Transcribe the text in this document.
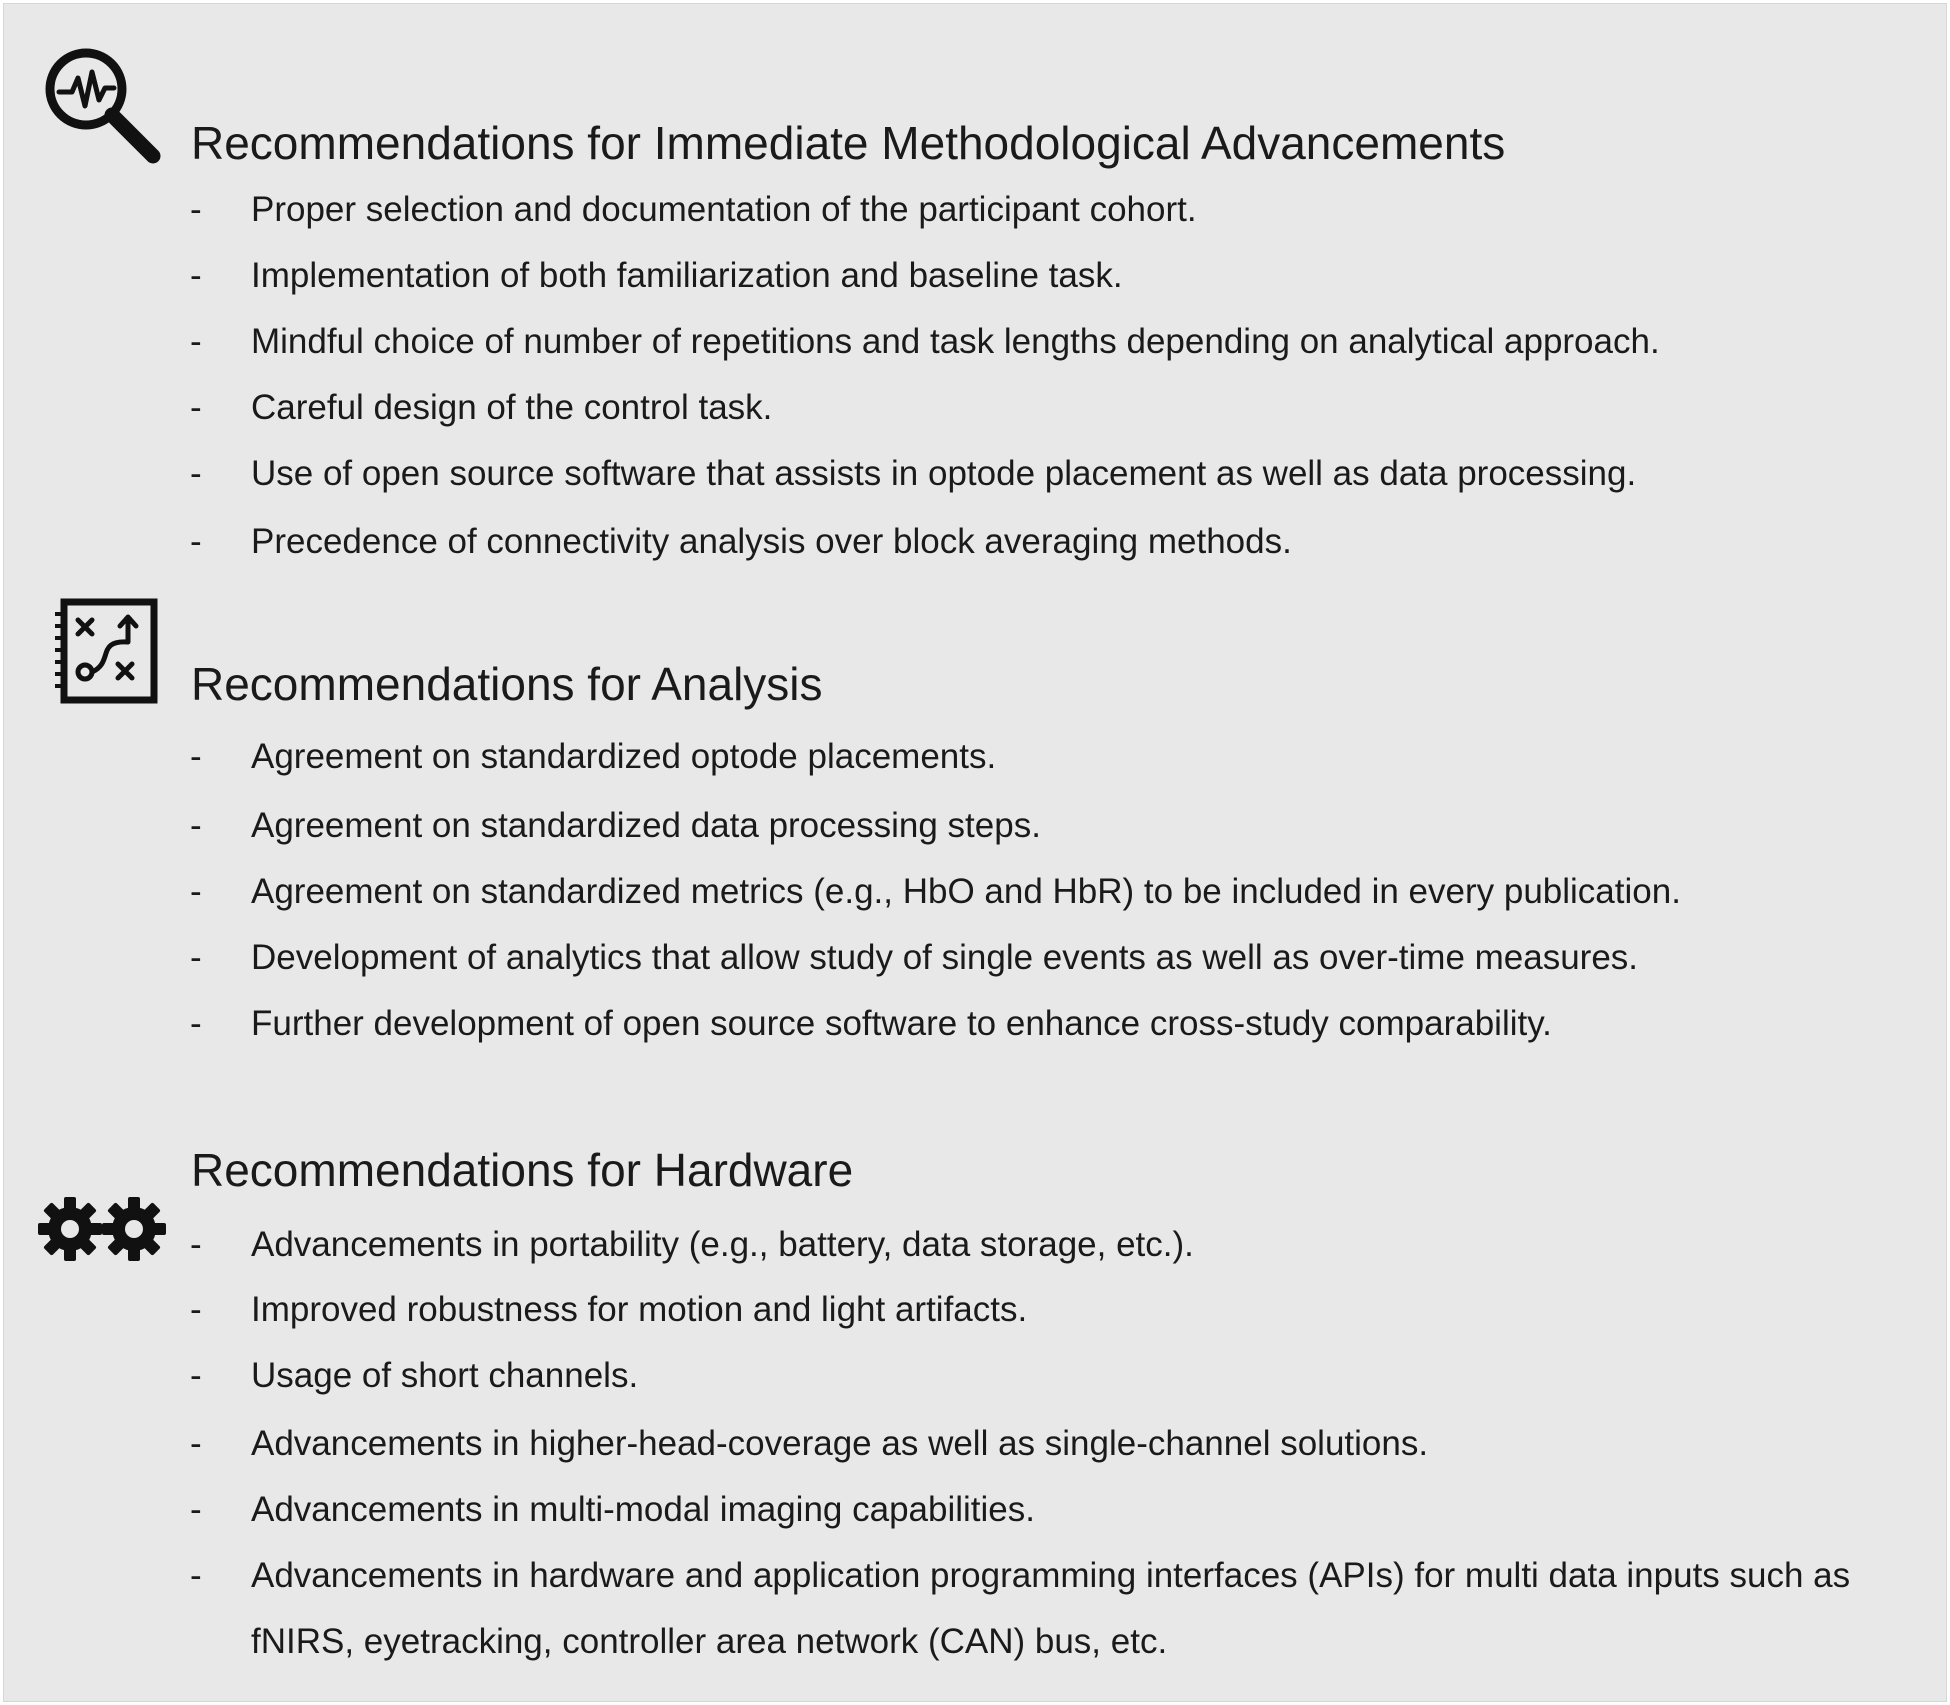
Recommendations for Immediate Methodological Advancements
- Proper selection and documentation of the participant cohort.
- Implementation of both familiarization and baseline task.
- Mindful choice of number of repetitions and task lengths depending on analytical approach.
- Careful design of the control task.
- Use of open source software that assists in optode placement as well as data processing.
- Precedence of connectivity analysis over block averaging methods.
Recommendations for Analysis
- Agreement on standardized optode placements.
- Agreement on standardized data processing steps.
- Agreement on standardized metrics (e.g., HbO and HbR) to be included in every publication.
- Development of analytics that allow study of single events as well as over-time measures.
- Further development of open source software to enhance cross-study comparability.
Recommendations for Hardware
- Advancements in portability (e.g., battery, data storage, etc.).
- Improved robustness for motion and light artifacts.
- Usage of short channels.
- Advancements in higher-head-coverage as well as single-channel solutions.
- Advancements in multi-modal imaging capabilities.
- Advancements in hardware and application programming interfaces (APIs) for multi data inputs such as
fNIRS, eyetracking, controller area network (CAN) bus, etc.
